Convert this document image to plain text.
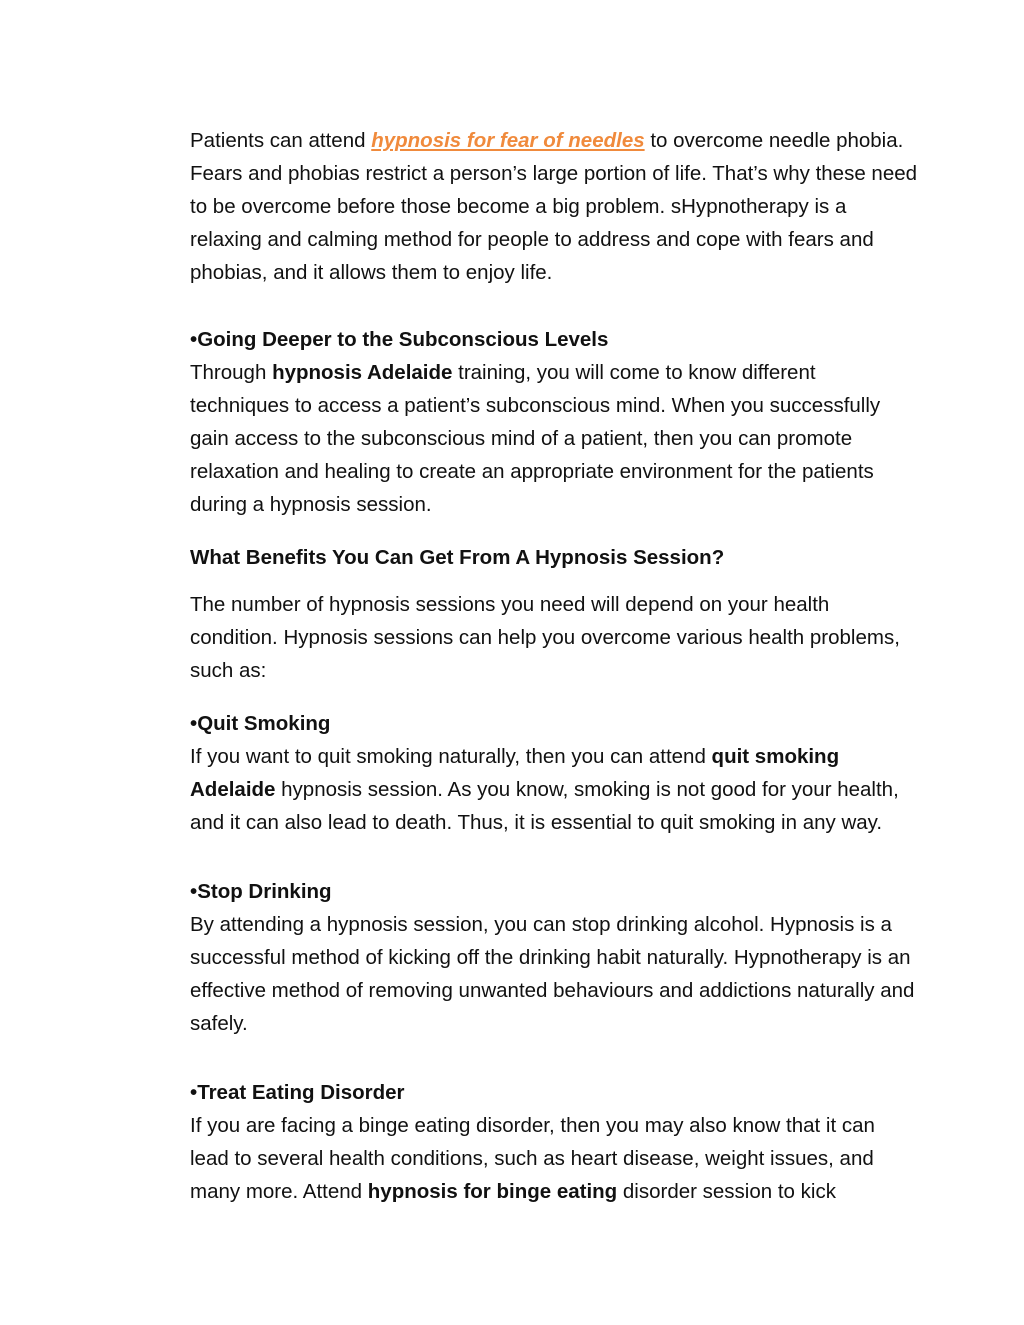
Patients can attend hypnosis for fear of needles to overcome needle phobia. Fears and phobias restrict a person’s large portion of life. That’s why these need to be overcome before those become a big problem. sHypnotherapy is a relaxing and calming method for people to address and cope with fears and phobias, and it allows them to enjoy life.

•Going Deeper to the Subconscious Levels

Through hypnosis Adelaide training, you will come to know different techniques to access a patient’s subconscious mind. When you successfully gain access to the subconscious mind of a patient, then you can promote relaxation and healing to create an appropriate environment for the patients during a hypnosis session.

What Benefits You Can Get From A Hypnosis Session?

The number of hypnosis sessions you need will depend on your health condition. Hypnosis sessions can help you overcome various health problems, such as:

•Quit Smoking

If you want to quit smoking naturally, then you can attend quit smoking Adelaide hypnosis session. As you know, smoking is not good for your health, and it can also lead to death. Thus, it is essential to quit smoking in any way.

•Stop Drinking

By attending a hypnosis session, you can stop drinking alcohol. Hypnosis is a successful method of kicking off the drinking habit naturally. Hypnotherapy is an effective method of removing unwanted behaviours and addictions naturally and safely.

•Treat Eating Disorder

If you are facing a binge eating disorder, then you may also know that it can lead to several health conditions, such as heart disease, weight issues, and many more. Attend hypnosis for binge eating disorder session to kick
